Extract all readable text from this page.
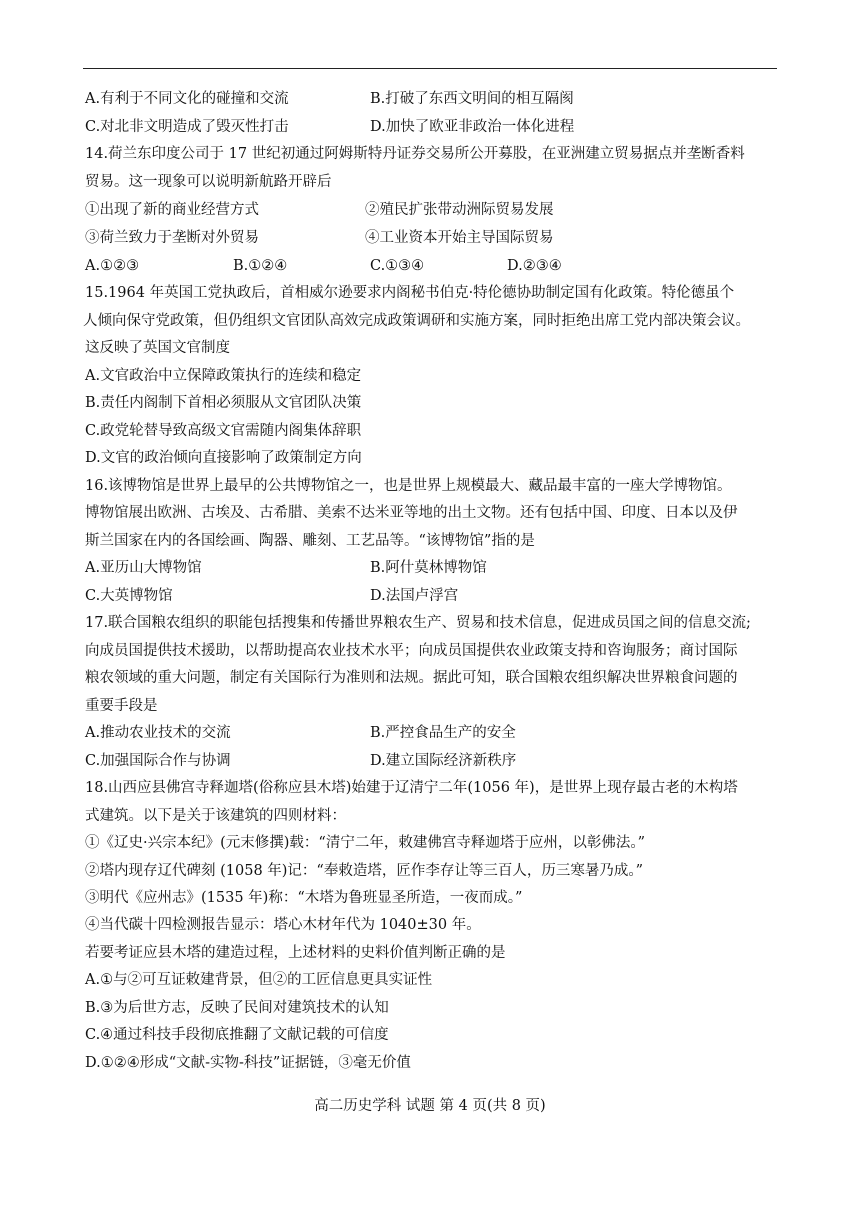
A.有利于不同文化的碰撞和交流	B.打破了东西文明间的相互隔阂
C.对北非文明造成了毁灭性打击	D.加快了欧亚非政治一体化进程
14.荷兰东印度公司于 17 世纪初通过阿姆斯特丹证券交易所公开募股，在亚洲建立贸易据点并垄断香料
贸易。这一现象可以说明新航路开辟后
①出现了新的商业经营方式	②殖民扩张带动洲际贸易发展
③荷兰致力于垄断对外贸易	④工业资本开始主导国际贸易
A.①②③	B.①②④	C.①③④	D.②③④
15.1964 年英国工党执政后，首相威尔逊要求内阁秘书伯克·特伦德协助制定国有化政策。特伦德虽个
人倾向保守党政策，但仍组织文官团队高效完成政策调研和实施方案，同时拒绝出席工党内部决策会议。
这反映了英国文官制度
A.文官政治中立保障政策执行的连续和稳定
B.责任内阁制下首相必须服从文官团队决策
C.政党轮替导致高级文官需随内阁集体辞职
D.文官的政治倾向直接影响了政策制定方向
16.该博物馆是世界上最早的公共博物馆之一，也是世界上规模最大、藏品最丰富的一座大学博物馆。
博物馆展出欧洲、古埃及、古希腊、美索不达米亚等地的出土文物。还有包括中国、印度、日本以及伊
斯兰国家在内的各国绘画、陶器、雕刻、工艺品等。“该博物馆”指的是
A.亚历山大博物馆	B.阿什莫林博物馆
C.大英博物馆	D.法国卢浮宫
17.联合国粮农组织的职能包括搜集和传播世界粮农生产、贸易和技术信息，促进成员国之间的信息交流;
向成员国提供技术援助，以帮助提高农业技术水平；向成员国提供农业政策支持和咨询服务；商讨国际
粮农领域的重大问题，制定有关国际行为准则和法规。据此可知，联合国粮农组织解决世界粮食问题的
重要手段是
A.推动农业技术的交流	B.严控食品生产的安全
C.加强国际合作与协调	D.建立国际经济新秩序
18.山西应县佛宫寺释迦塔(俗称应县木塔)始建于辽清宁二年(1056 年)，是世界上现存最古老的木构塔
式建筑。以下是关于该建筑的四则材料：
①《辽史·兴宗本纪》(元末修撰)载：“清宁二年，敕建佛宫寺释迦塔于应州，以彰佛法。”
②塔内现存辽代碑刻 (1058 年)记：“奉敕造塔，匠作李存让等三百人，历三寒暑乃成。”
③明代《应州志》(1535 年)称：“木塔为鲁班显圣所造，一夜而成。”
④当代碳十四检测报告显示：塔心木材年代为 1040±30 年。
若要考证应县木塔的建造过程，上述材料的史料价值判断正确的是
A.①与②可互证敕建背景，但②的工匠信息更具实证性
B.③为后世方志，反映了民间对建筑技术的认知
C.④通过科技手段彻底推翻了文献记载的可信度
D.①②④形成“文献-实物-科技”证据链，③毫无价值
高二历史学科 试题 第 4 页(共 8 页)
